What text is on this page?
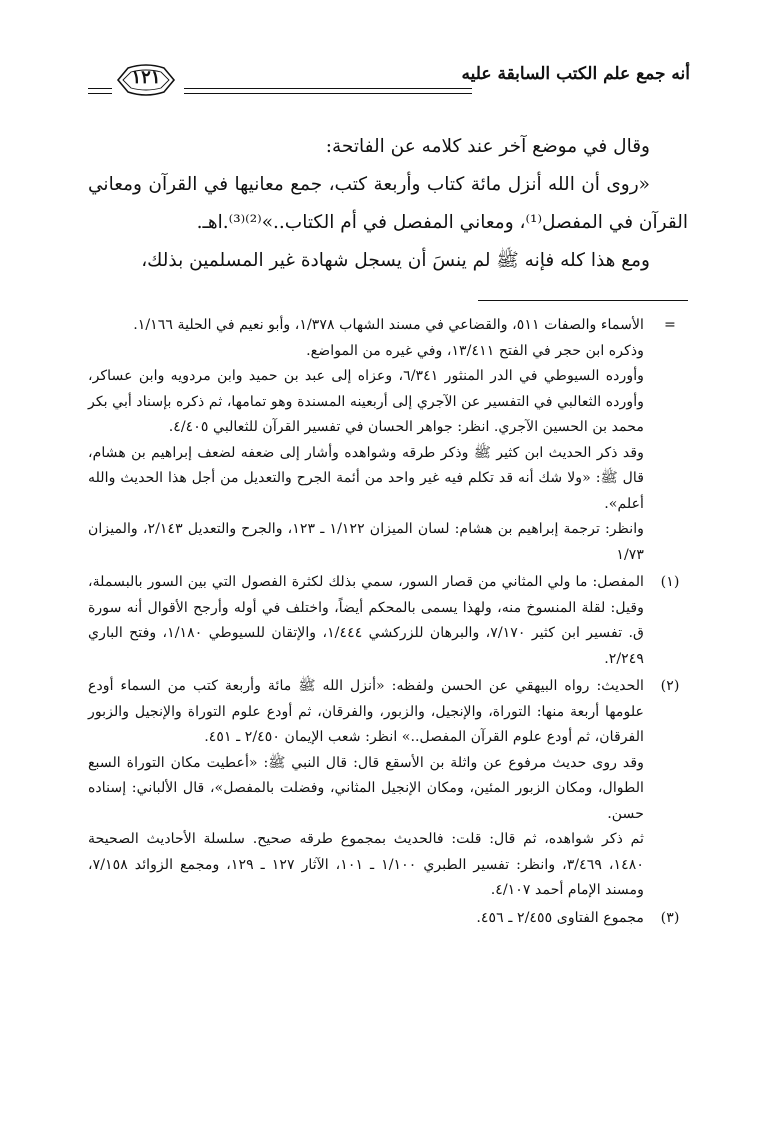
أنه جمع علم الكتب السابقة عليه
١٢١

وقال في موضع آخر عند كلامه عن الفاتحة:

«روى أن الله أنزل مائة كتاب وأربعة كتب، جمع معانيها في القرآن ومعاني القرآن في المفصل⁽¹⁾، ومعاني المفصل في أم الكتاب..»⁽²⁾⁽³⁾.اهـ.

ومع هذا كله فإنه ﷺ لم ينسَ أن يسجل شهادة غير المسلمين بذلك،

=

الأسماء والصفات ٥١١، والقضاعي في مسند الشهاب ١/٣٧٨، وأبو نعيم في الحلية ١/١٦٦.

وذكره ابن حجر في الفتح ١٣/٤١١، وفي غيره من المواضع.

وأورده السيوطي في الدر المنثور ٦/٣٤١، وعزاه إلى عبد بن حميد وابن مردويه وابن عساكر، وأورده الثعالبي في التفسير عن الآجري إلى أربعينه المسندة وهو تمامها، ثم ذكره بإسناد أبي بكر محمد بن الحسين الآجري. انظر: جواهر الحسان في تفسير القرآن للثعالبي ٤/٤٠٥.

وقد ذكر الحديث ابن كثير ﷺ وذكر طرقه وشواهده وأشار إلى ضعفه لضعف إبراهيم بن هشام، قال ﷺ: «ولا شك أنه قد تكلم فيه غير واحد من أئمة الجرح والتعديل من أجل هذا الحديث والله أعلم».

وانظر: ترجمة إبراهيم بن هشام: لسان الميزان ١/١٢٢ ـ ١٢٣، والجرح والتعديل ٢/١٤٣، والميزان ١/٧٣

(١)

المفصل: ما ولي المثاني من قصار السور، سمي بذلك لكثرة الفصول التي بين السور بالبسملة، وقيل: لقلة المنسوخ منه، ولهذا يسمى بالمحكم أيضاً، واختلف في أوله وأرجح الأقوال أنه سورة ق. تفسير ابن كثير ٧/١٧٠، والبرهان للزركشي ١/٤٤٤، والإتقان للسيوطي ١/١٨٠، وفتح الباري ٢/٢٤٩.

(٢)

الحديث: رواه البيهقي عن الحسن ولفظه: «أنزل الله ﷺ مائة وأربعة كتب من السماء أودع علومها أربعة منها: التوراة، والإنجيل، والزبور، والفرقان، ثم أودع علوم التوراة والإنجيل والزبور الفرقان، ثم أودع علوم القرآن المفصل..» انظر: شعب الإيمان ٢/٤٥٠ ـ ٤٥١.

وقد روى حديث مرفوع عن واثلة بن الأسقع قال: قال النبي ﷺ: «أعطيت مكان التوراة السبع الطوال، ومكان الزبور المئين، ومكان الإنجيل المثاني، وفضلت بالمفصل»، قال الألباني: إسناده حسن.

ثم ذكر شواهده، ثم قال: قلت: فالحديث بمجموع طرقه صحيح. سلسلة الأحاديث الصحيحة ١٤٨٠، ٣/٤٦٩، وانظر: تفسير الطبري ١/١٠٠ ـ ١٠١، الآثار ١٢٧ ـ ١٢٩، ومجمع الزوائد ٧/١٥٨، ومسند الإمام أحمد ٤/١٠٧.

(٣)

مجموع الفتاوى ٢/٤٥٥ ـ ٤٥٦.
